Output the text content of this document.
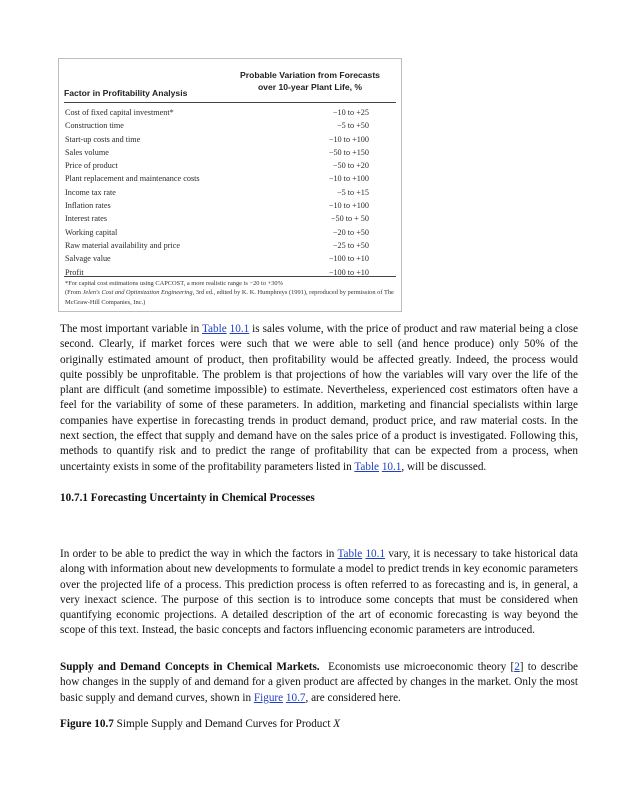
Factor in Profitability Analysis
Probable Variation from Forecasts
over 10-year Plant Life, %
Cost of fixed capital investment*	−10 to +25
Construction time	−5 to +50
Start-up costs and time	−10 to +100
Sales volume	−50 to +150
Price of product	−50 to +20
Plant replacement and maintenance costs	−10 to +100
Income tax rate	−5 to +15
Inflation rates	−10 to +100
Interest rates	−50 to + 50
Working capital	−20 to +50
Raw material availability and price	−25 to +50
Salvage value	−100 to +10
Profit	−100 to +10
*For capital cost estimations using CAPCOST, a more realistic range is −20 to +30%
(From Jelen's Cost and Optimization Engineering, 3rd ed., edited by K. K. Humphreys (1991), reproduced by permission of The McGraw-Hill Companies, Inc.)
The most important variable in Table 10.1 is sales volume, with the price of product and raw material being a close second. Clearly, if market forces were such that we were able to sell (and hence produce) only 50% of the originally estimated amount of product, then profitability would be affected greatly. Indeed, the process would quite possibly be unprofitable. The problem is that projections of how the variables will vary over the life of the plant are difficult (and sometime impossible) to estimate. Nevertheless, experienced cost estimators often have a feel for the variability of some of these parameters. In addition, marketing and financial specialists within large companies have expertise in forecasting trends in product demand, product price, and raw material costs. In the next section, the effect that supply and demand have on the sales price of a product is investigated. Following this, methods to quantify risk and to predict the range of profitability that can be expected from a process, when uncertainty exists in some of the profitability parameters listed in Table 10.1, will be discussed.
10.7.1 Forecasting Uncertainty in Chemical Processes
In order to be able to predict the way in which the factors in Table 10.1 vary, it is necessary to take historical data along with information about new developments to formulate a model to predict trends in key economic parameters over the projected life of a process. This prediction process is often referred to as forecasting and is, in general, a very inexact science. The purpose of this section is to introduce some concepts that must be considered when quantifying economic projections. A detailed description of the art of economic forecasting is way beyond the scope of this text. Instead, the basic concepts and factors influencing economic parameters are introduced.
Supply and Demand Concepts in Chemical Markets.  Economists use microeconomic theory [2] to describe how changes in the supply of and demand for a given product are affected by changes in the market. Only the most basic supply and demand curves, shown in Figure 10.7, are considered here.
Figure 10.7 Simple Supply and Demand Curves for Product X
